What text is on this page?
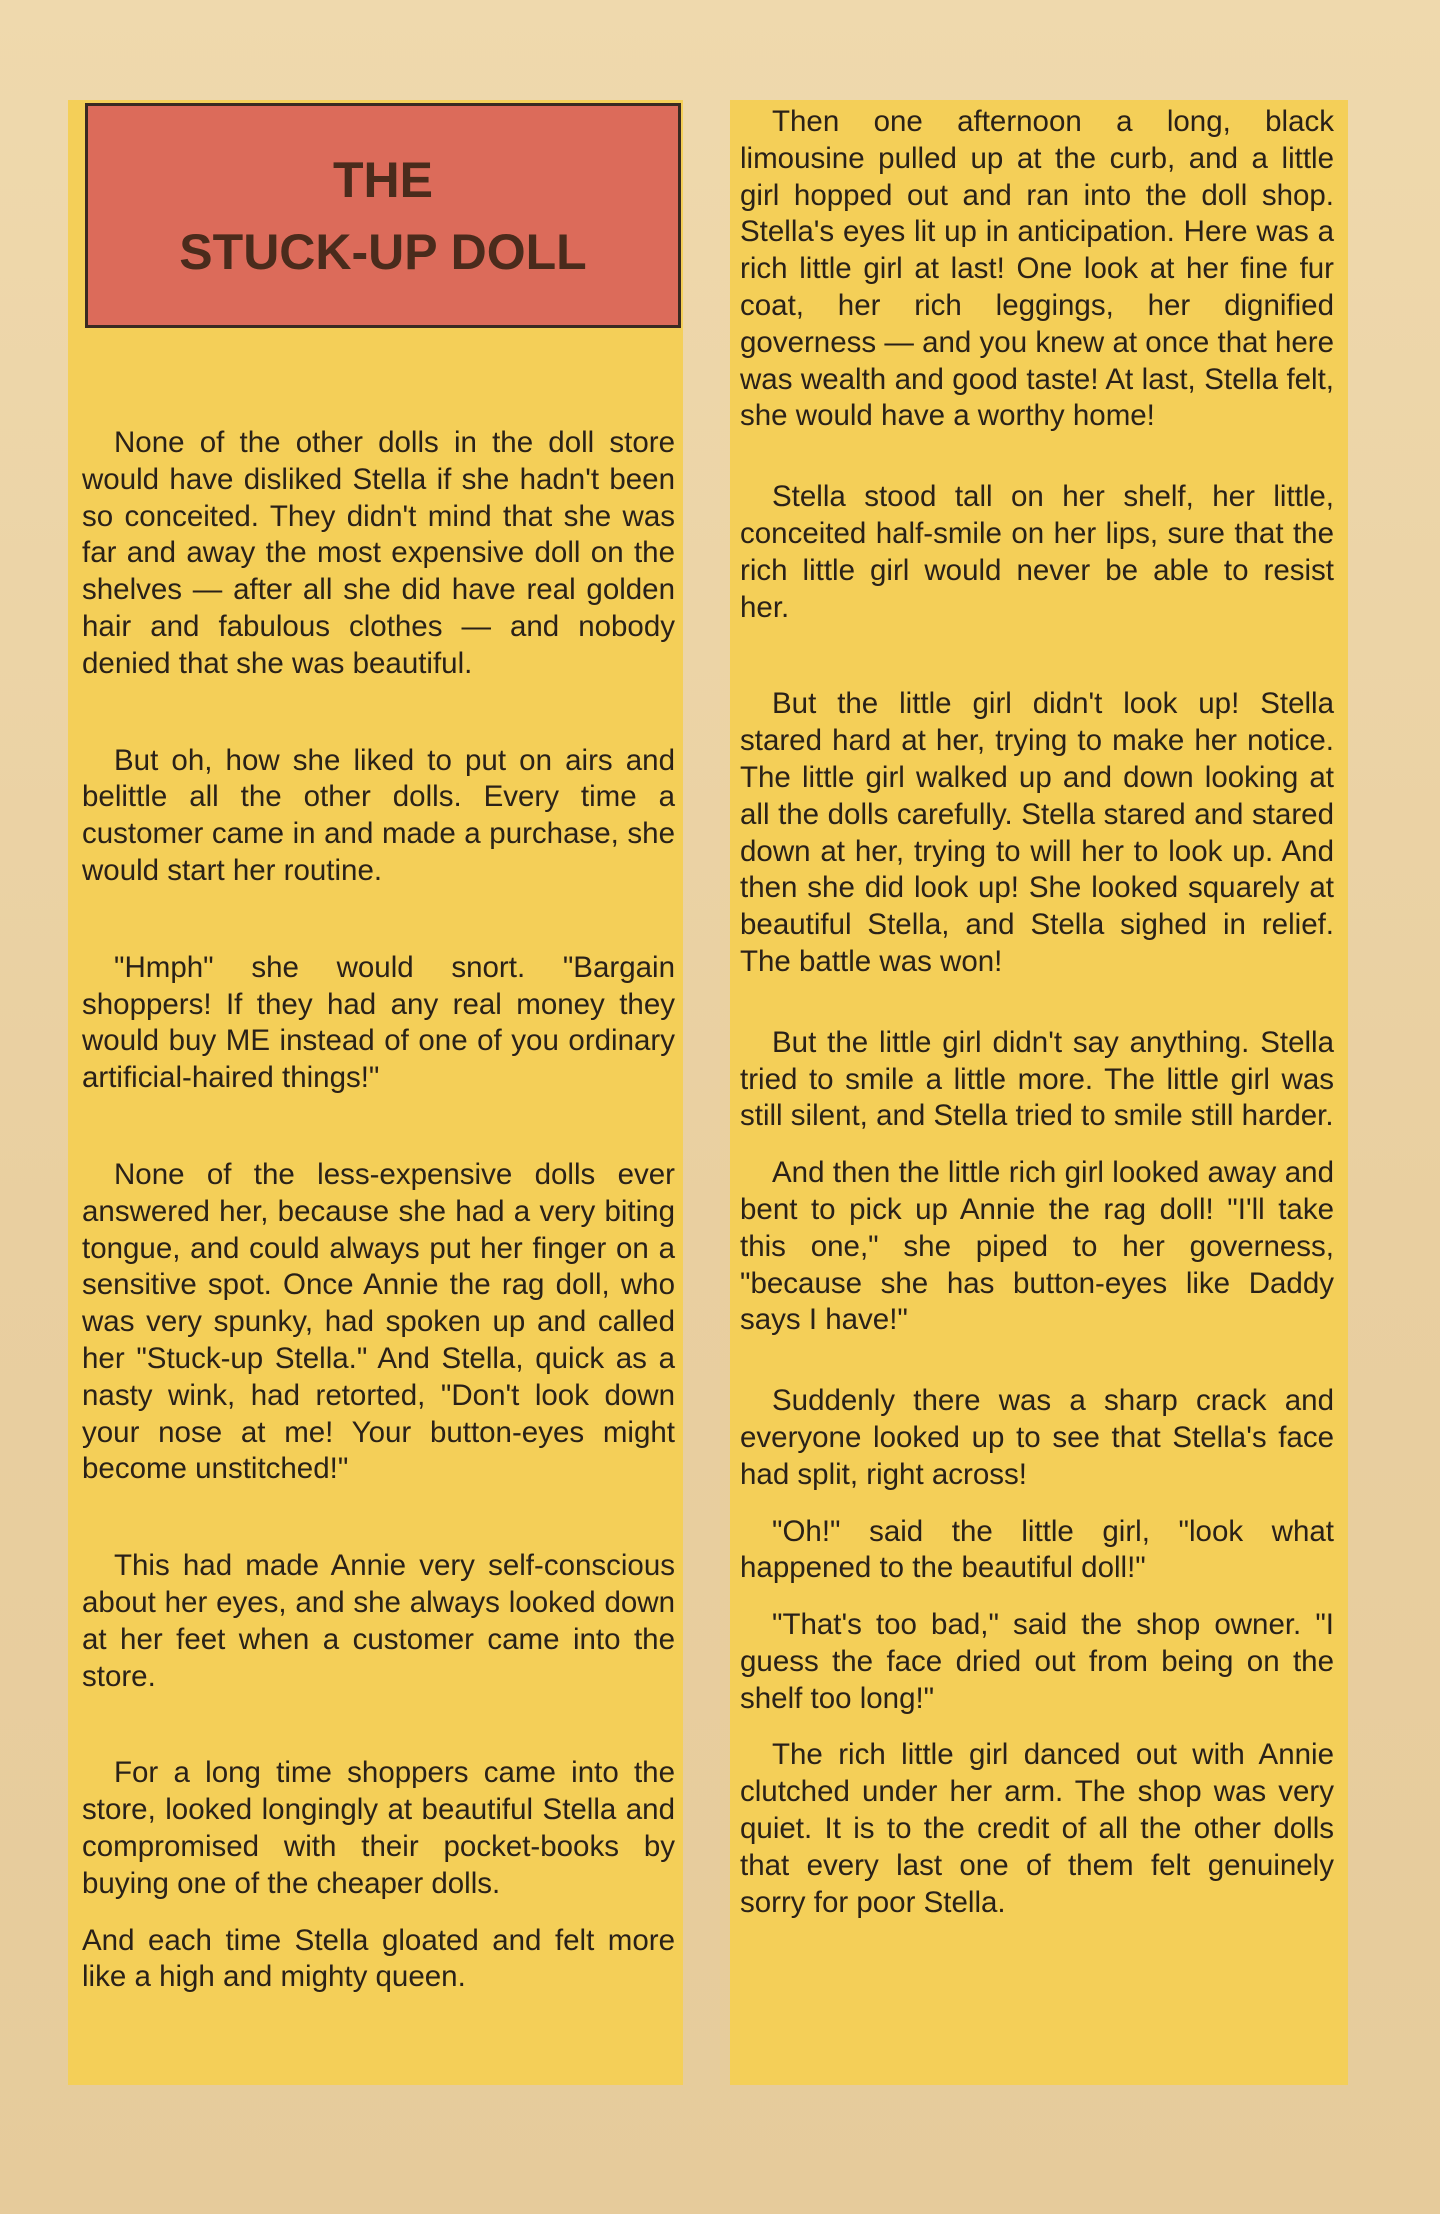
None of the other dolls in the doll store would have disliked Stella if she hadn't been so conceited. They didn't mind that she was far and away the most expensive doll on the shelves — after all she did have real golden hair and fabulous clothes — and nobody denied that she was beautiful.

But oh, how she liked to put on airs and belittle all the other dolls. Every time a customer came in and made a purchase, she would start her routine.

"Hmph" she would snort. "Bargain shoppers! If they had any real money they would buy ME instead of one of you ordinary artificial-haired things!"

None of the less-expensive dolls ever answered her, because she had a very biting tongue, and could always put her finger on a sensitive spot. Once Annie the rag doll, who was very spunky, had spoken up and called her "Stuck-up Stella." And Stella, quick as a nasty wink, had retorted, "Don't look down your nose at me! Your button-eyes might become unstitched!"

This had made Annie very self-conscious about her eyes, and she always looked down at her feet when a customer came into the store.

For a long time shoppers came into the store, looked longingly at beautiful Stella and compromised with their pocket-books by buying one of the cheaper dolls.

And each time Stella gloated and felt more like a high and mighty queen.

THE
STUCK-UP DOLL

Then one afternoon a long, black limousine pulled up at the curb, and a little girl hopped out and ran into the doll shop. Stella's eyes lit up in anticipation. Here was a rich little girl at last! One look at her fine fur coat, her rich leggings, her dignified governess — and you knew at once that here was wealth and good taste! At last, Stella felt, she would have a worthy home!

Stella stood tall on her shelf, her little, conceited half-smile on her lips, sure that the rich little girl would never be able to resist her.

But the little girl didn't look up! Stella stared hard at her, trying to make her notice. The little girl walked up and down looking at all the dolls carefully. Stella stared and stared down at her, trying to will her to look up. And then she did look up! She looked squarely at beautiful Stella, and Stella sighed in relief. The battle was won!

But the little girl didn't say anything. Stella tried to smile a little more. The little girl was still silent, and Stella tried to smile still harder.

And then the little rich girl looked away and bent to pick up Annie the rag doll! "I'll take this one," she piped to her governess, "because she has button-eyes like Daddy says I have!"

Suddenly there was a sharp crack and everyone looked up to see that Stella's face had split, right across!

"Oh!" said the little girl, "look what happened to the beautiful doll!"

"That's too bad," said the shop owner. "I guess the face dried out from being on the shelf too long!"

The rich little girl danced out with Annie clutched under her arm. The shop was very quiet. It is to the credit of all the other dolls that every last one of them felt genuinely sorry for poor Stella.
